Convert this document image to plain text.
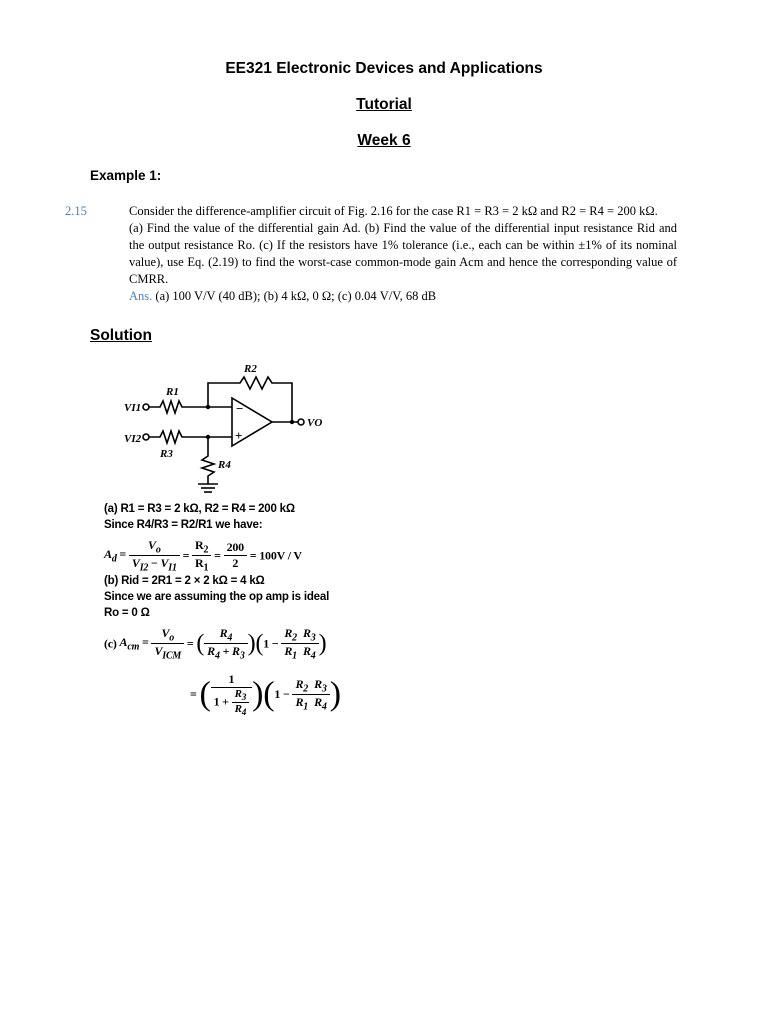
EE321 Electronic Devices and Applications
Tutorial
Week 6
Example 1:
2.15	Consider the difference-amplifier circuit of Fig. 2.16 for the case R1 = R3 = 2 kΩ and R2 = R4 = 200 kΩ.
(a) Find the value of the differential gain Ad. (b) Find the value of the differential input resistance Rid and the output resistance Ro. (c) If the resistors have 1% tolerance (i.e., each can be within ±1% of its nominal value), use Eq. (2.19) to find the worst-case common-mode gain Acm and hence the corresponding value of CMRR.
Ans. (a) 100 V/V (40 dB); (b) 4 kΩ, 0 Ω; (c) 0.04 V/V, 68 dB
Solution
R2
R1
R3
R4
VI1
VI2
VO
−
+
(a) R1 = R3 = 2 kΩ, R2 = R4 = 200 kΩ
Since R4/R3 = R2/R1 we have:
$A_d = \frac{V_o}{V_{I2} - V_{I1}} = \frac{R_2}{R_1} = \frac{200}{2} = 100V / V$
(b) Rid = 2R1 = 2 × 2 kΩ = 4 kΩ
Since we are assuming the op amp is ideal
Ro = 0 Ω
(c) $A_{cm} = \frac{V_o}{V_{ICM}}$ = ( $\frac{R_4}{R_4 + R_3} )(1 - \frac{R_2}{R_1} \frac{R_3}{R_4}$ )
= ( $\frac{1}{1 + \frac{R_3}{R_4}} )(1 - \frac{R_2}{R_1} \frac{R_3}{R_4}$ )
